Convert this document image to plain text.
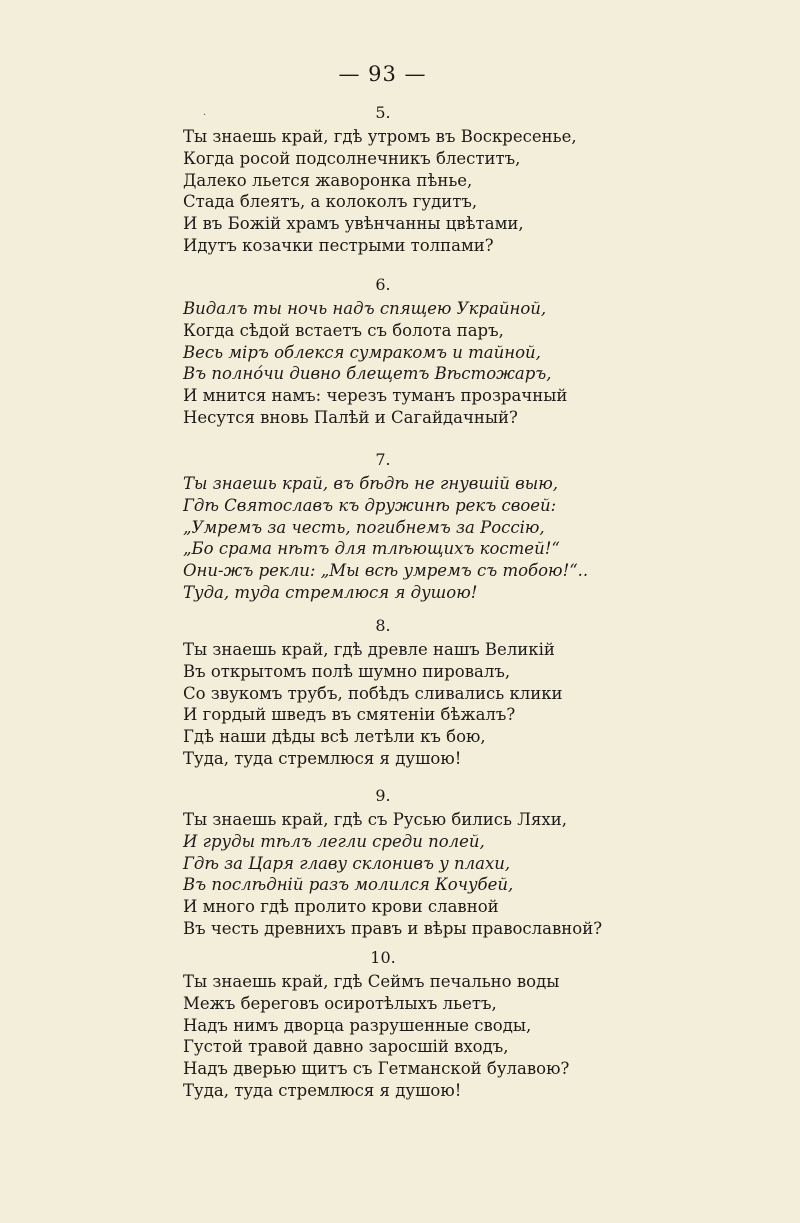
— 93 —
·	5.
Ты знаешь край, гдѣ утромъ въ Воскресенье,
Когда росой подсолнечникъ блеститъ,
Далеко льется жаворонка пѣнье,
Стада блеятъ, а колоколъ гудитъ,
И въ Божій храмъ увѣнчанны цвѣтами,
Идутъ козачки пестрыми толпами?
6.
Видалъ ты ночь надъ спящею Украйной,
Когда сѣдой встаетъ съ болота паръ,
Весь міръ облекся сумракомъ и тайной,
Въ полнóчи дивно блещетъ Вѣстожаръ,
И мнится намъ: черезъ туманъ прозрачный
Несутся вновь Палѣй и Сагайдачный?
7.
Ты знаешь край, въ бѣдѣ не гнувшій выю,
Гдѣ Святославъ къ дружинѣ рекъ своей:
„Умремъ за честь, погибнемъ за Россію,
„Бо срама нѣтъ для тлѣющихъ костей!“
Они-жъ рекли: „Мы всѣ умремъ съ тобою!“..
Туда, туда стремлюся я душою!
8.
Ты знаешь край, гдѣ древле нашъ Великій
Въ открытомъ полѣ шумно пировалъ,
Со звукомъ трубъ, побѣдъ сливались клики
И гордый шведъ въ смятеніи бѣжалъ?
Гдѣ наши дѣды всѣ летѣли къ бою,
Туда, туда стремлюся я душою!
9.
Ты знаешь край, гдѣ съ Русью бились Ляхи,
И груды тѣлъ легли среди полей,
Гдѣ за Царя главу склонивъ у плахи,
Въ послѣдній разъ молился Кочубей,
И много гдѣ пролито крови славной
Въ честь древнихъ правъ и вѣры православной?
10.
Ты знаешь край, гдѣ Сеймъ печально воды
Межъ береговъ осиротѣлыхъ льетъ,
Надъ нимъ дворца разрушенные своды,
Густой травой давно заросшій входъ,
Надъ дверью щитъ съ Гетманской булавою?
Туда, туда стремлюся я душою!
